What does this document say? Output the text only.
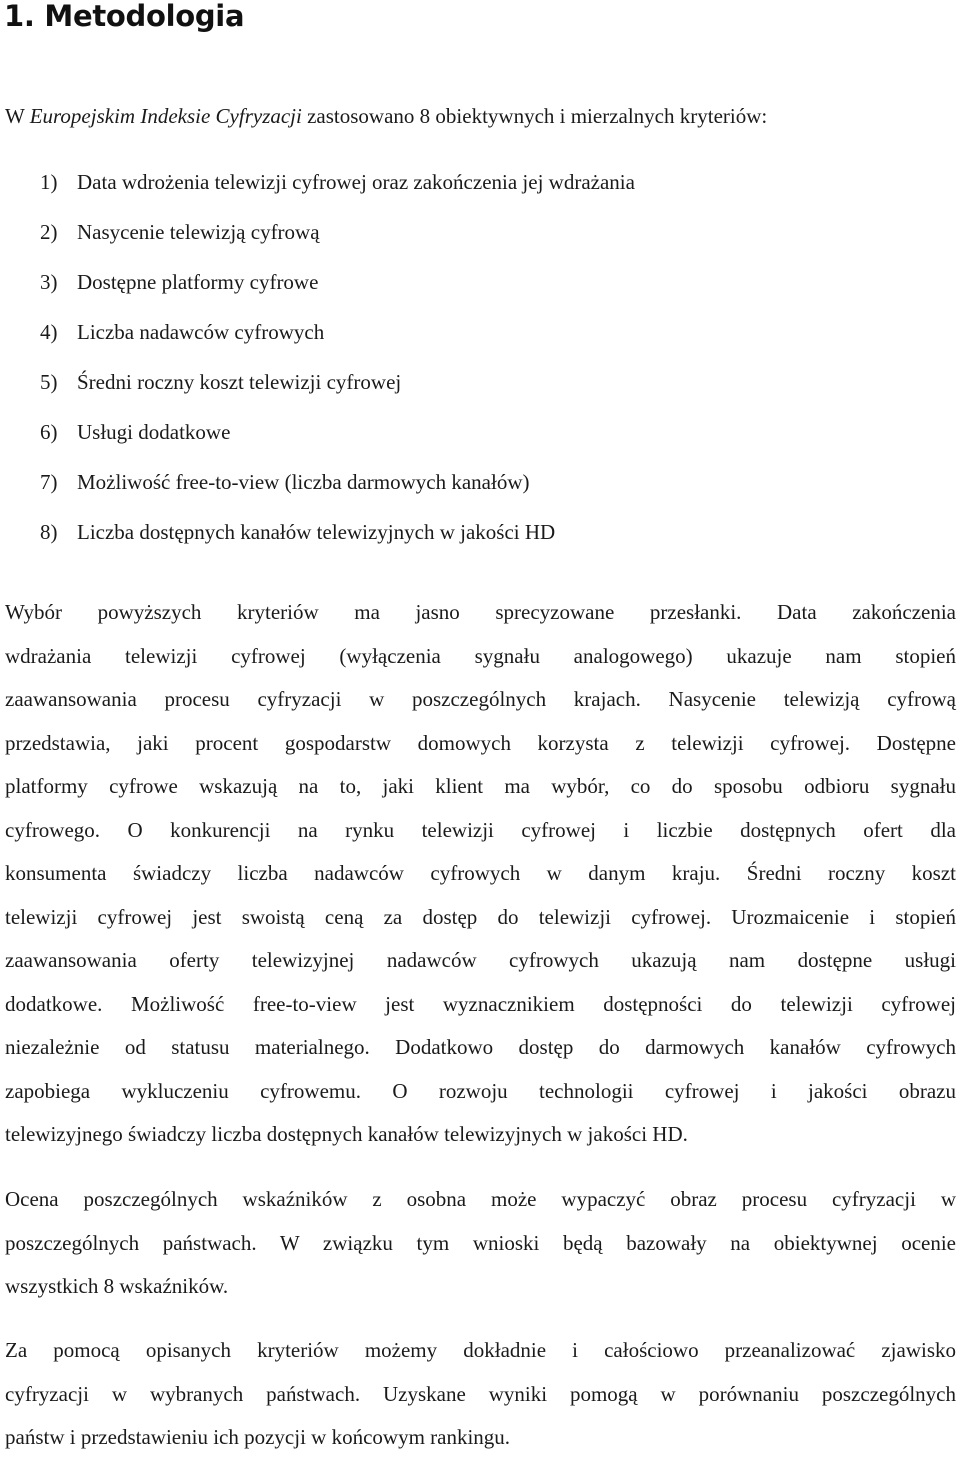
1. Metodologia

W Europejskim Indeksie Cyfryzacji zastosowano 8 obiektywnych i mierzalnych kryteriów:

1) Data wdrożenia telewizji cyfrowej oraz zakończenia jej wdrażania
2) Nasycenie telewizją cyfrową
3) Dostępne platformy cyfrowe
4) Liczba nadawców cyfrowych
5) Średni roczny koszt telewizji cyfrowej
6) Usługi dodatkowe
7) Możliwość free-to-view (liczba darmowych kanałów)
8) Liczba dostępnych kanałów telewizyjnych w jakości HD
Wybór powyższych kryteriów ma jasno sprecyzowane przesłanki. Data zakończenia
wdrażania telewizji cyfrowej (wyłączenia sygnału analogowego) ukazuje nam stopień
zaawansowania procesu cyfryzacji w poszczególnych krajach. Nasycenie telewizją cyfrową
przedstawia, jaki procent gospodarstw domowych korzysta z telewizji cyfrowej. Dostępne
platformy cyfrowe wskazują na to, jaki klient ma wybór, co do sposobu odbioru sygnału
cyfrowego. O konkurencji na rynku telewizji cyfrowej i liczbie dostępnych ofert dla
konsumenta świadczy liczba nadawców cyfrowych w danym kraju. Średni roczny koszt
telewizji cyfrowej jest swoistą ceną za dostęp do telewizji cyfrowej. Urozmaicenie i stopień
zaawansowania oferty telewizyjnej nadawców cyfrowych ukazują nam dostępne usługi
dodatkowe. Możliwość free-to-view jest wyznacznikiem dostępności do telewizji cyfrowej
niezależnie od statusu materialnego. Dodatkowo dostęp do darmowych kanałów cyfrowych
zapobiega wykluczeniu cyfrowemu. O rozwoju technologii cyfrowej i jakości obrazu
telewizyjnego świadczy liczba dostępnych kanałów telewizyjnych w jakości HD.
Ocena poszczególnych wskaźników z osobna może wypaczyć obraz procesu cyfryzacji w
poszczególnych państwach. W związku tym wnioski będą bazowały na obiektywnej ocenie
wszystkich 8 wskaźników.
Za pomocą opisanych kryteriów możemy dokładnie i całościowo przeanalizować zjawisko
cyfryzacji w wybranych państwach. Uzyskane wyniki pomogą w porównaniu poszczególnych
państw i przedstawieniu ich pozycji w końcowym rankingu.
